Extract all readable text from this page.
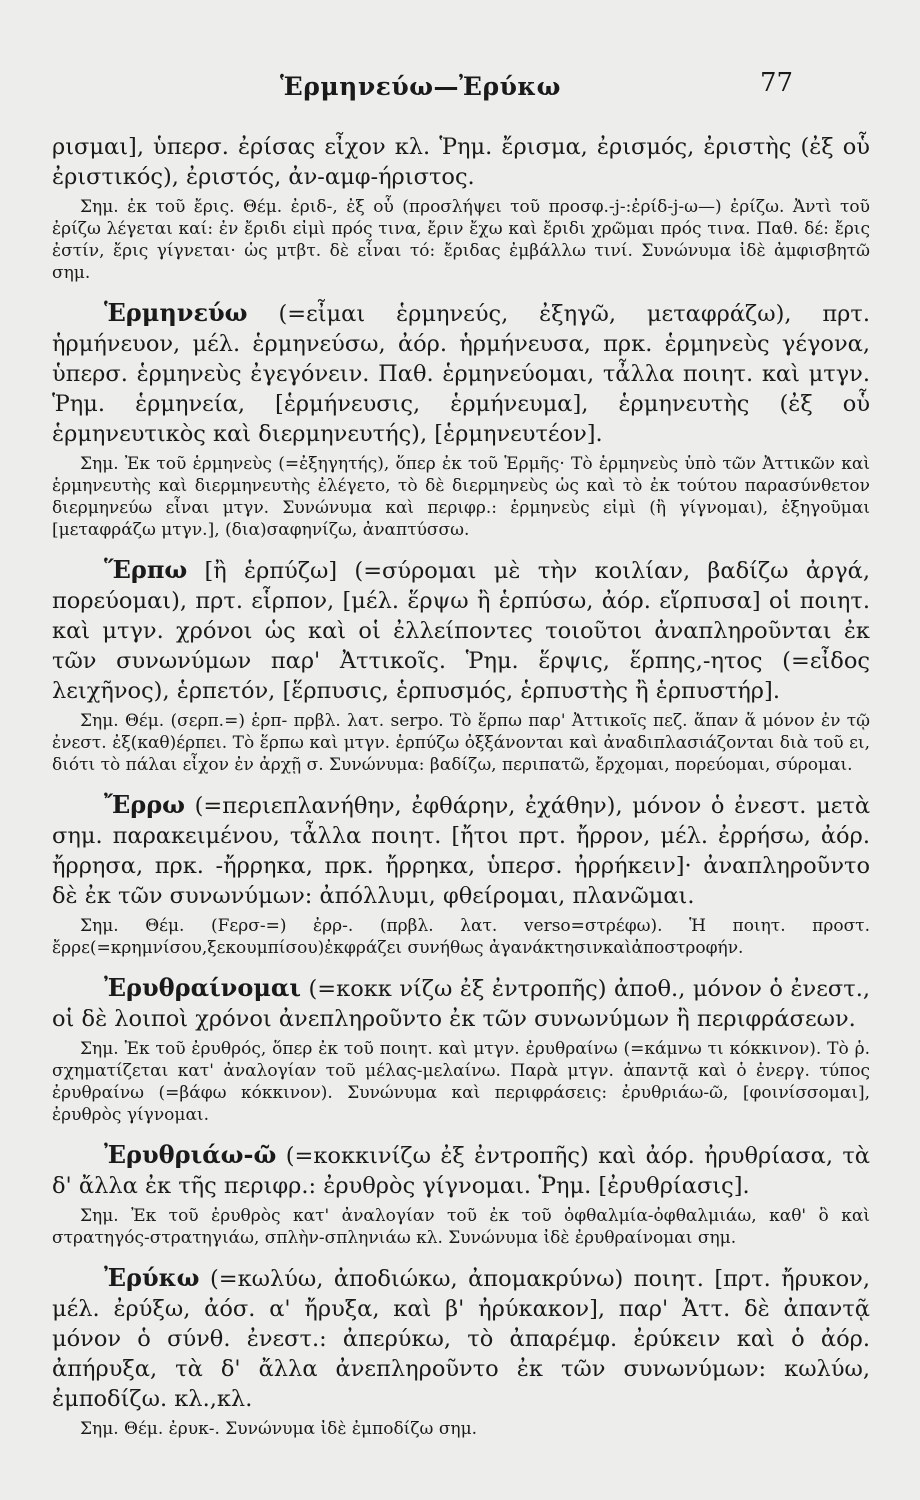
Ἑρμηνεύω—Ἐρύκω	77

ρισμαι], ὑπερσ. ἐρίσας εἶχον κλ. Ῥημ. ἔρισμα, ἐρισμός, ἐριστὴς (ἐξ οὗ ἐριστικός), ἐριστός, ἀν-αμφ-ήριστος.

Σημ. ἐκ τοῦ ἔρις. Θέμ. ἐριδ-, ἐξ οὗ (προσλήψει τοῦ προσφ.-j-:ἐρίδ-j-ω—) ἐρίζω. Ἀντὶ τοῦ ἐρίζω λέγεται καί: ἐν ἔριδι εἰμὶ πρός τινα, ἔριν ἔχω καὶ ἔριδι χρῶμαι πρός τινα. Παθ. δέ: ἔρις ἐστίν, ἔρις γίγνεται· ὡς μτβτ. δὲ εἶναι τό: ἔριδας ἐμβάλλω τινί. Συνώνυμα ἰδὲ ἀμφισβητῶ σημ.

Ἑρμηνεύω (=εἶμαι ἑρμηνεύς, ἐξηγῶ, μεταφράζω), πρτ. ἡρμήνευον, μέλ. ἑρμηνεύσω, ἀόρ. ἡρμήνευσα, πρκ. ἑρμηνεὺς γέγονα, ὑπερσ. ἑρμηνεὺς ἐγεγόνειν. Παθ. ἑρμηνεύομαι, τἆλλα ποιητ. καὶ μτγν. Ῥημ. ἑρμηνεία, [ἑρμήνευσις, ἑρμήνευμα], ἑρμηνευτὴς (ἐξ οὗ ἑρμηνευτικὸς καὶ διερμηνευτής), [ἑρμηνευτέον].

Σημ. Ἐκ τοῦ ἑρμηνεὺς (=ἐξηγητής), ὅπερ ἐκ τοῦ Ἑρμῆς· Τὸ ἑρμηνεὺς ὑπὸ τῶν Ἀττικῶν καὶ ἑρμηνευτὴς καὶ διερμηνευτὴς ἐλέγετο, τὸ δὲ διερμηνεὺς ὡς καὶ τὸ ἐκ τούτου παρασύνθετον διερμηνεύω εἶναι μτγν. Συνώνυμα καὶ περιφρ.: ἑρμηνεὺς εἰμὶ (ἢ γίγνομαι), ἐξηγοῦμαι [μεταφράζω μτγν.], (δια)σαφηνίζω, ἀναπτύσσω.

Ἕρπω [ἢ ἑρπύζω] (=σύρομαι μὲ τὴν κοιλίαν, βαδίζω ἀργά, πορεύομαι), πρτ. εἷρπον, [μέλ. ἕρψω ἢ ἑρπύσω, ἀόρ. εἵρπυσα] οἱ ποιητ. καὶ μτγν. χρόνοι ὡς καὶ οἱ ἐλλείποντες τοιοῦτοι ἀναπληροῦνται ἐκ τῶν συνωνύμων παρ' Ἀττικοῖς. Ῥημ. ἕρψις, ἕρπης,-ητος (=εἶδος λειχῆνος), ἑρπετόν, [ἕρπυσις, ἑρπυσμός, ἑρπυστὴς ἢ ἑρπυστήρ].

Σημ. Θέμ. (σερπ.=) ἑρπ- πρβλ. λατ. serpo. Τὸ ἕρπω παρ' Ἀττικοῖς πεζ. ἅπαν ἅ μόνον ἐν τῷ ἐνεστ. ἐξ(καθ)έρπει. Τὸ ἕρπω καὶ μτγν. ἑρπύζω ὀξξάνονται καὶ ἀναδιπλασιάζονται διὰ τοῦ ει, διότι τὸ πάλαι εἶχον ἐν ἀρχῇ σ. Συνώνυμα: βαδίζω, περιπατῶ, ἔρχομαι, πορεύομαι, σύρομαι.

Ἔρρω (=περιεπλανήθην, ἐφθάρην, ἐχάθην), μόνον ὁ ἐνεστ. μετὰ σημ. παρακειμένου, τἆλλα ποιητ. [ἤτοι πρτ. ἤρρον, μέλ. ἐρρήσω, ἀόρ. ἤρρησα, πρκ. -ἤρρηκα, πρκ. ἤρρηκα, ὑπερσ. ἠρρήκειν]· ἀναπληροῦντο δὲ ἐκ τῶν συνωνύμων: ἀπόλλυμι, φθείρομαι, πλανῶμαι.

Σημ. Θέμ. (Fερσ-=) ἐρρ-. (πρβλ. λατ. verso=στρέφω). Ἡ ποιητ. προστ. ἔρρε(=κρημνίσου,ξεκουμπίσου)ἐκφράζει συνήθως ἀγανάκτησινκαὶἀποστροφήν.

Ἐρυθραίνομαι (=κοκκ νίζω ἐξ ἐντροπῆς) ἀποθ., μόνον ὁ ἐνεστ., οἱ δὲ λοιποὶ χρόνοι ἀνεπληροῦντο ἐκ τῶν συνωνύμων ἢ περιφράσεων.

Σημ. Ἐκ τοῦ ἐρυθρός, ὅπερ ἐκ τοῦ ποιητ. καὶ μτγν. ἐρυθραίνω (=κάμνω τι κόκκινον). Τὸ ῥ. σχηματίζεται κατ' ἀναλογίαν τοῦ μέλας-μελαίνω. Παρὰ μτγν. ἀπαντᾷ καὶ ὁ ἐνεργ. τύπος ἐρυθραίνω (=βάφω κόκκινον). Συνώνυμα καὶ περιφράσεις: ἐρυθριάω-ῶ, [φοινίσσομαι], ἐρυθρὸς γίγνομαι.

Ἐρυθριάω-ῶ (=κοκκινίζω ἐξ ἐντροπῆς) καὶ ἀόρ. ἠρυθρίασα, τὰ δ' ἄλλα ἐκ τῆς περιφρ.: ἐρυθρὸς γίγνομαι. Ῥημ. [ἐρυθρίασις].

Σημ. Ἐκ τοῦ ἐρυθρὸς κατ' ἀναλογίαν τοῦ ἐκ τοῦ ὀφθαλμία-ὀφθαλμιάω, καθ' ὃ καὶ στρατηγός-στρατηγιάω, σπλὴν-σπληνιάω κλ. Συνώνυμα ἰδὲ ἐρυθραίνομαι σημ.

Ἐρύκω (=κωλύω, ἀποδιώκω, ἀπομακρύνω) ποιητ. [πρτ. ἤρυκον, μέλ. ἐρύξω, ἀόσ. α' ἤρυξα, καὶ β' ἠρύκακον], παρ' Ἀττ. δὲ ἀπαντᾷ μόνον ὁ σύνθ. ἐνεστ.: ἀπερύκω, τὸ ἀπαρέμφ. ἐρύκειν καὶ ὁ ἀόρ. ἀπήρυξα, τὰ δ' ἄλλα ἀνεπληροῦντο ἐκ τῶν συνωνύμων: κωλύω, ἐμποδίζω. κλ.,κλ.

Σημ. Θέμ. ἐρυκ-. Συνώνυμα ἰδὲ ἐμποδίζω σημ.
